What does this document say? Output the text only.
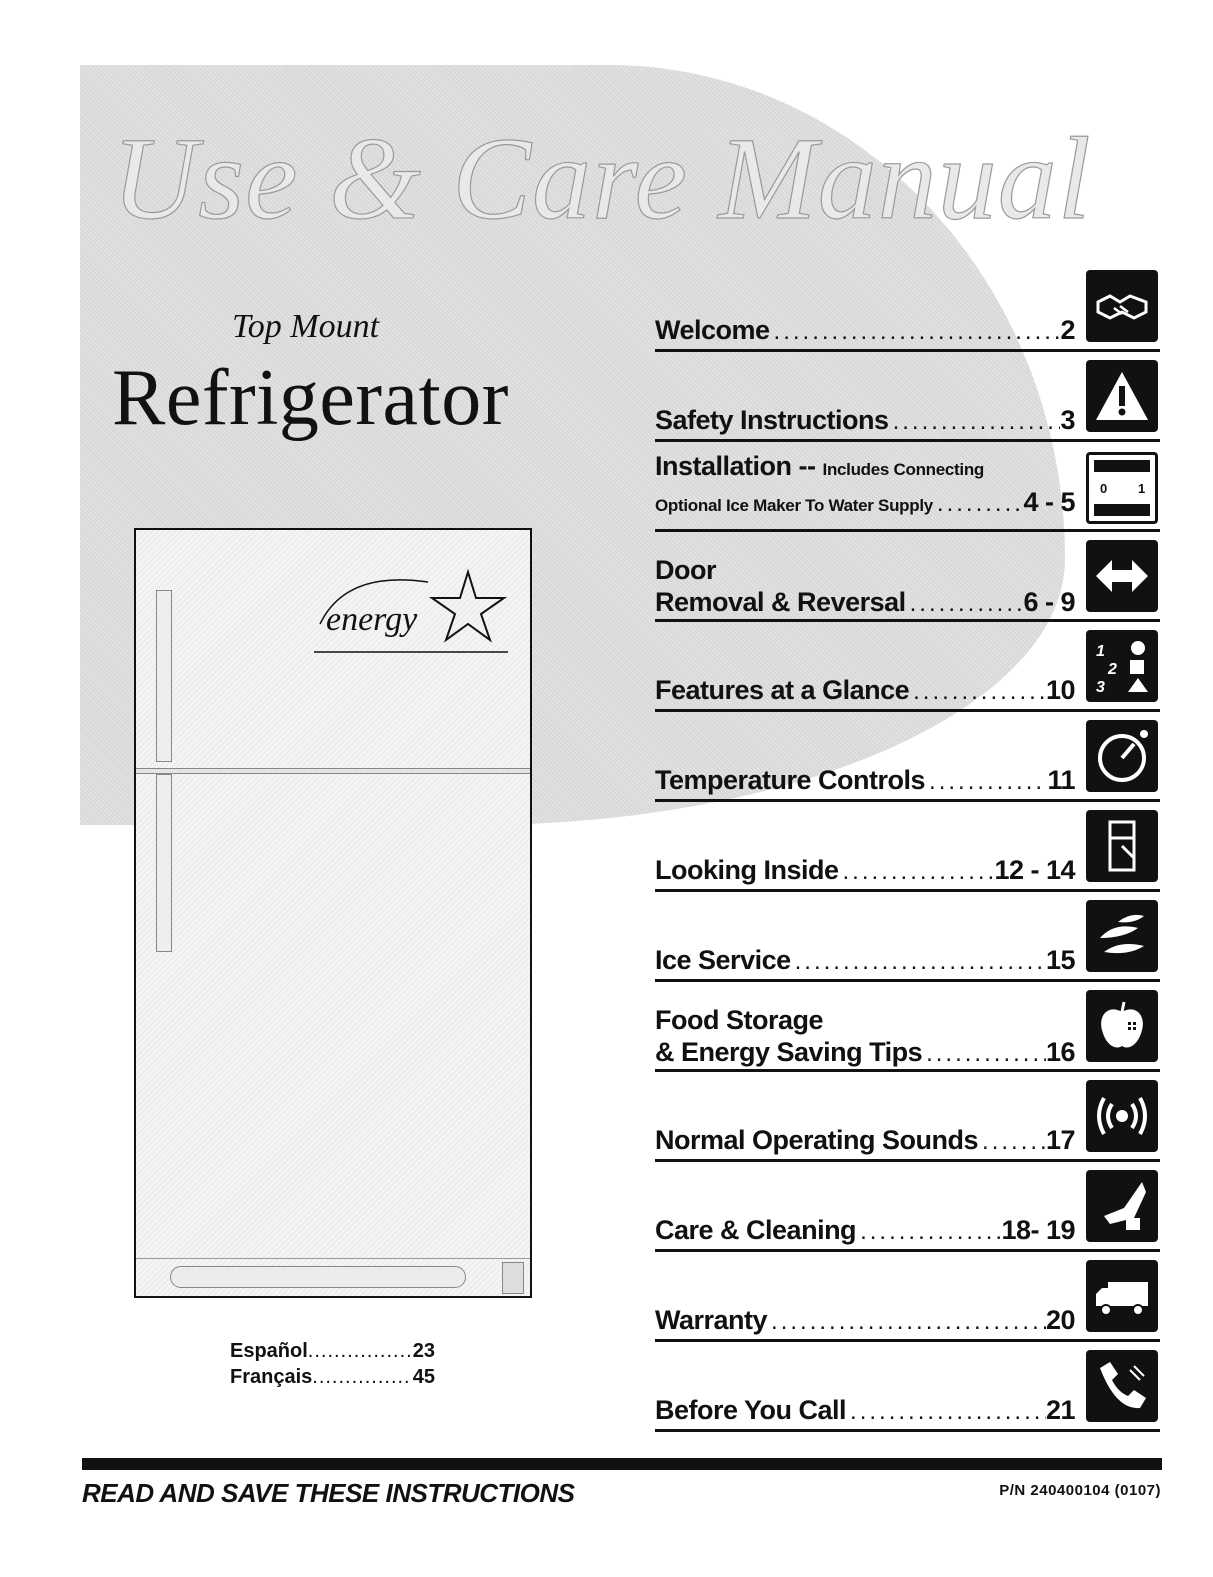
Use & Care Manual
Top Mount
Refrigerator
energy
Español .....	23
Français .....	45
Welcome .....	2
Safety Instructions .....	3
Installation --
Includes Connecting
Optional Ice Maker To Water Supply .....	4 - 5 0 1
Door
Removal & Reversal .....	6 - 9
Features at a Glance .....	10
1
2
3
Temperature Controls .....	11
Looking Inside .....	12 - 14
Ice Service .....	15
Food Storage
& Energy Saving Tips .....	16
Normal Operating Sounds .....	17
Care & Cleaning .....	18- 19
Warranty .....	20
Before You Call .....	21
READ AND SAVE THESE INSTRUCTIONS	P/N 240400104 (0107)
